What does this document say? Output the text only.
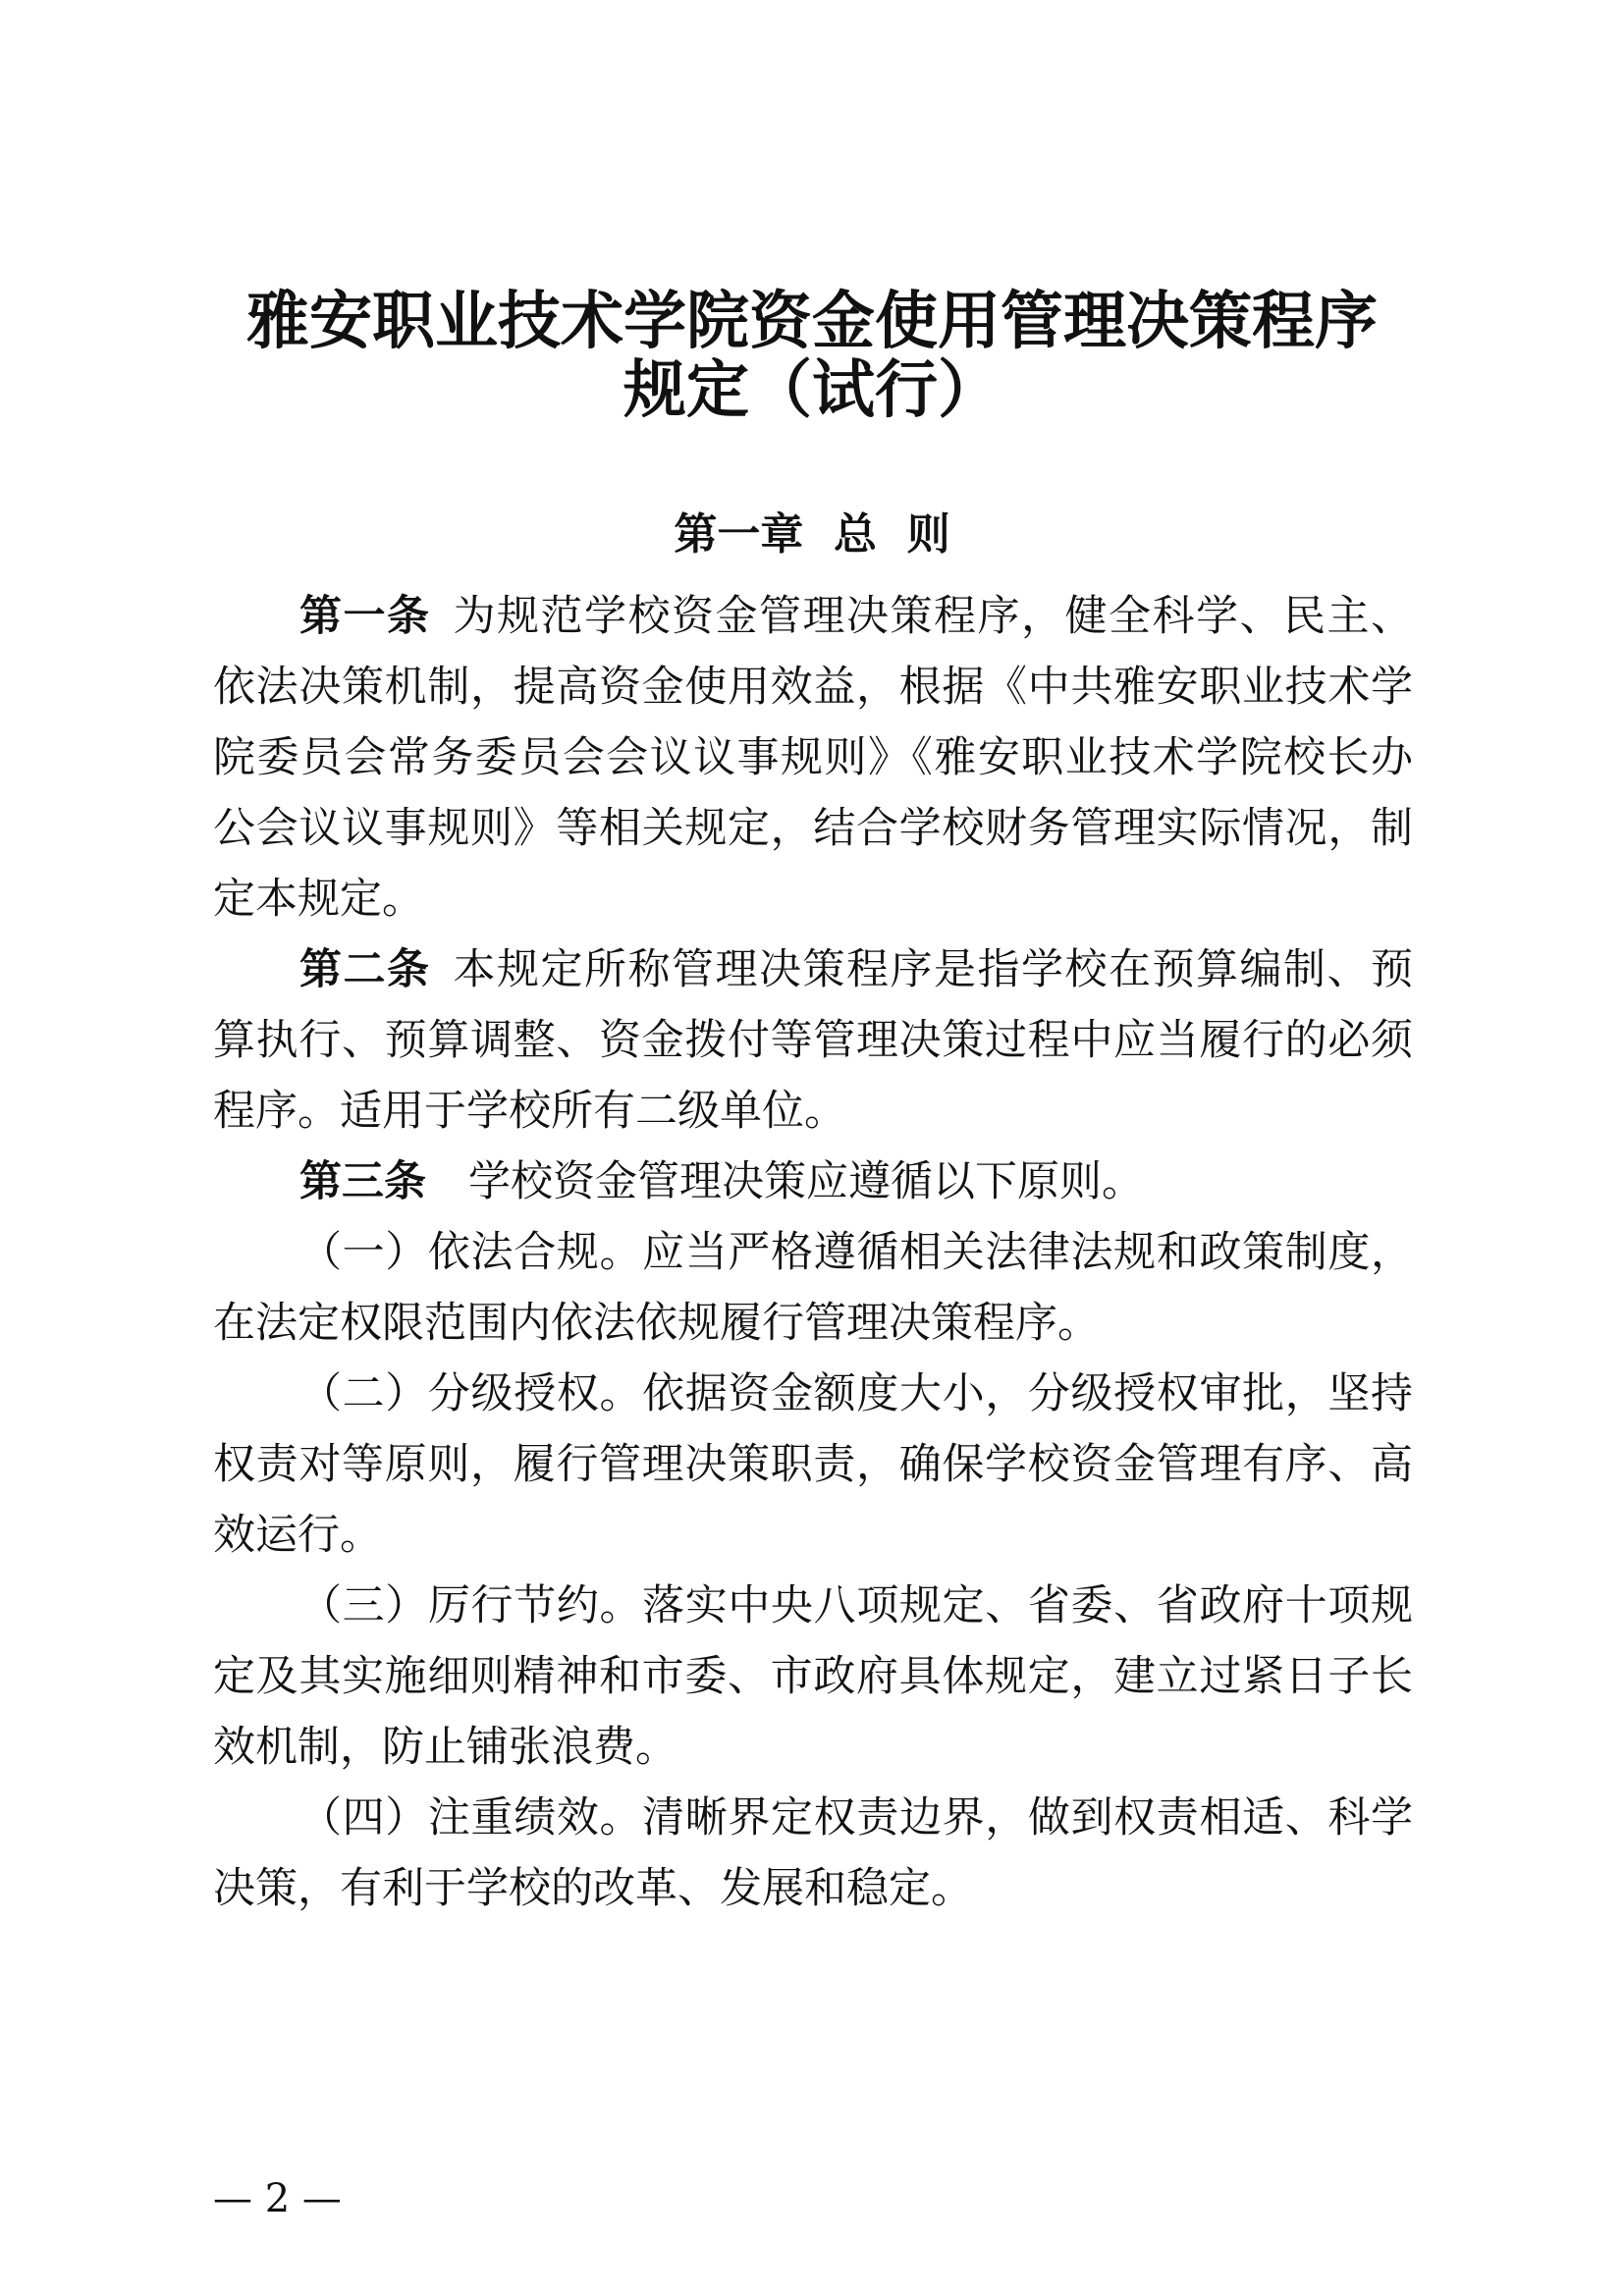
雅安职业技术学院资金使用管理决策程序
规定（试行）
第一章  总  则

第一条  为规范学校资金管理决策程序，健全科学、民主、依法决策机制，提高资金使用效益，根据《中共雅安职业技术学院委员会常务委员会会议议事规则》《雅安职业技术学院校长办公会议议事规则》等相关规定，结合学校财务管理实际情况，制定本规定。

第二条  本规定所称管理决策程序是指学校在预算编制、预算执行、预算调整、资金拨付等管理决策过程中应当履行的必须程序。适用于学校所有二级单位。

第三条  学校资金管理决策应遵循以下原则。

（一）依法合规。应当严格遵循相关法律法规和政策制度，在法定权限范围内依法依规履行管理决策程序。

（二）分级授权。依据资金额度大小，分级授权审批，坚持权责对等原则，履行管理决策职责，确保学校资金管理有序、高效运行。

（三）厉行节约。落实中央八项规定、省委、省政府十项规定及其实施细则精神和市委、市政府具体规定，建立过紧日子长效机制，防止铺张浪费。

（四）注重绩效。清晰界定权责边界，做到权责相适、科学决策，有利于学校的改革、发展和稳定。

— 2 —
